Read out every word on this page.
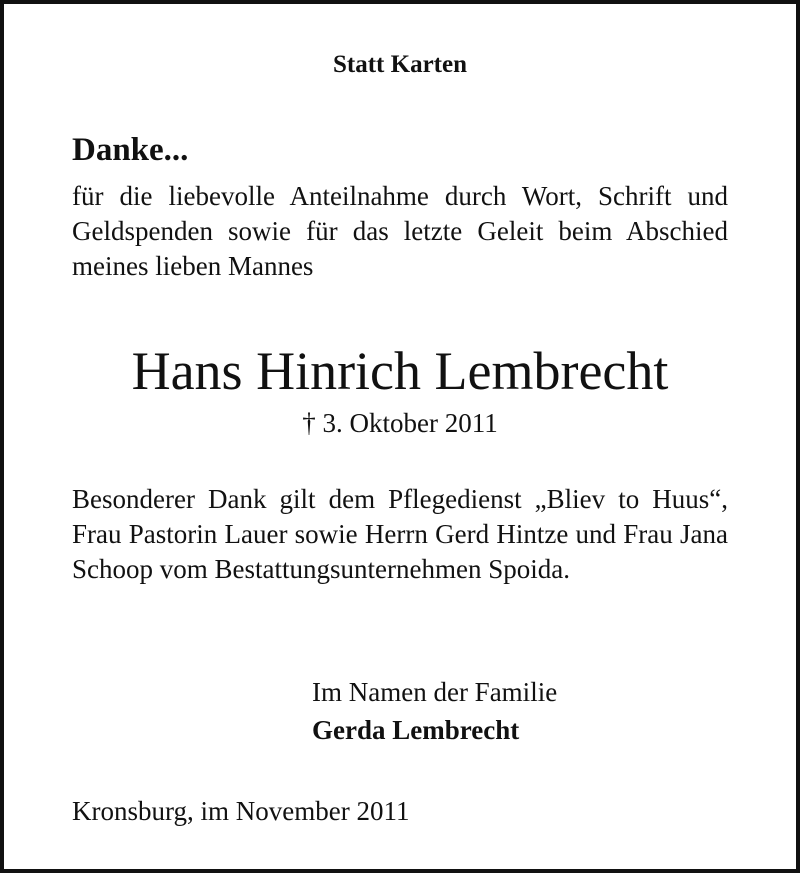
Statt Karten
Danke...
für die liebevolle Anteilnahme durch Wort, Schrift und Geldspenden sowie für das letzte Geleit beim Abschied meines lieben Mannes
Hans Hinrich Lembrecht
† 3. Oktober 2011
Besonderer Dank gilt dem Pflegedienst „Bliev to Huus“, Frau Pastorin Lauer sowie Herrn Gerd Hintze und Frau Jana Schoop vom Bestattungsunternehmen Spoida.
Im Namen der Familie
Gerda Lembrecht
Kronsburg, im November 2011
